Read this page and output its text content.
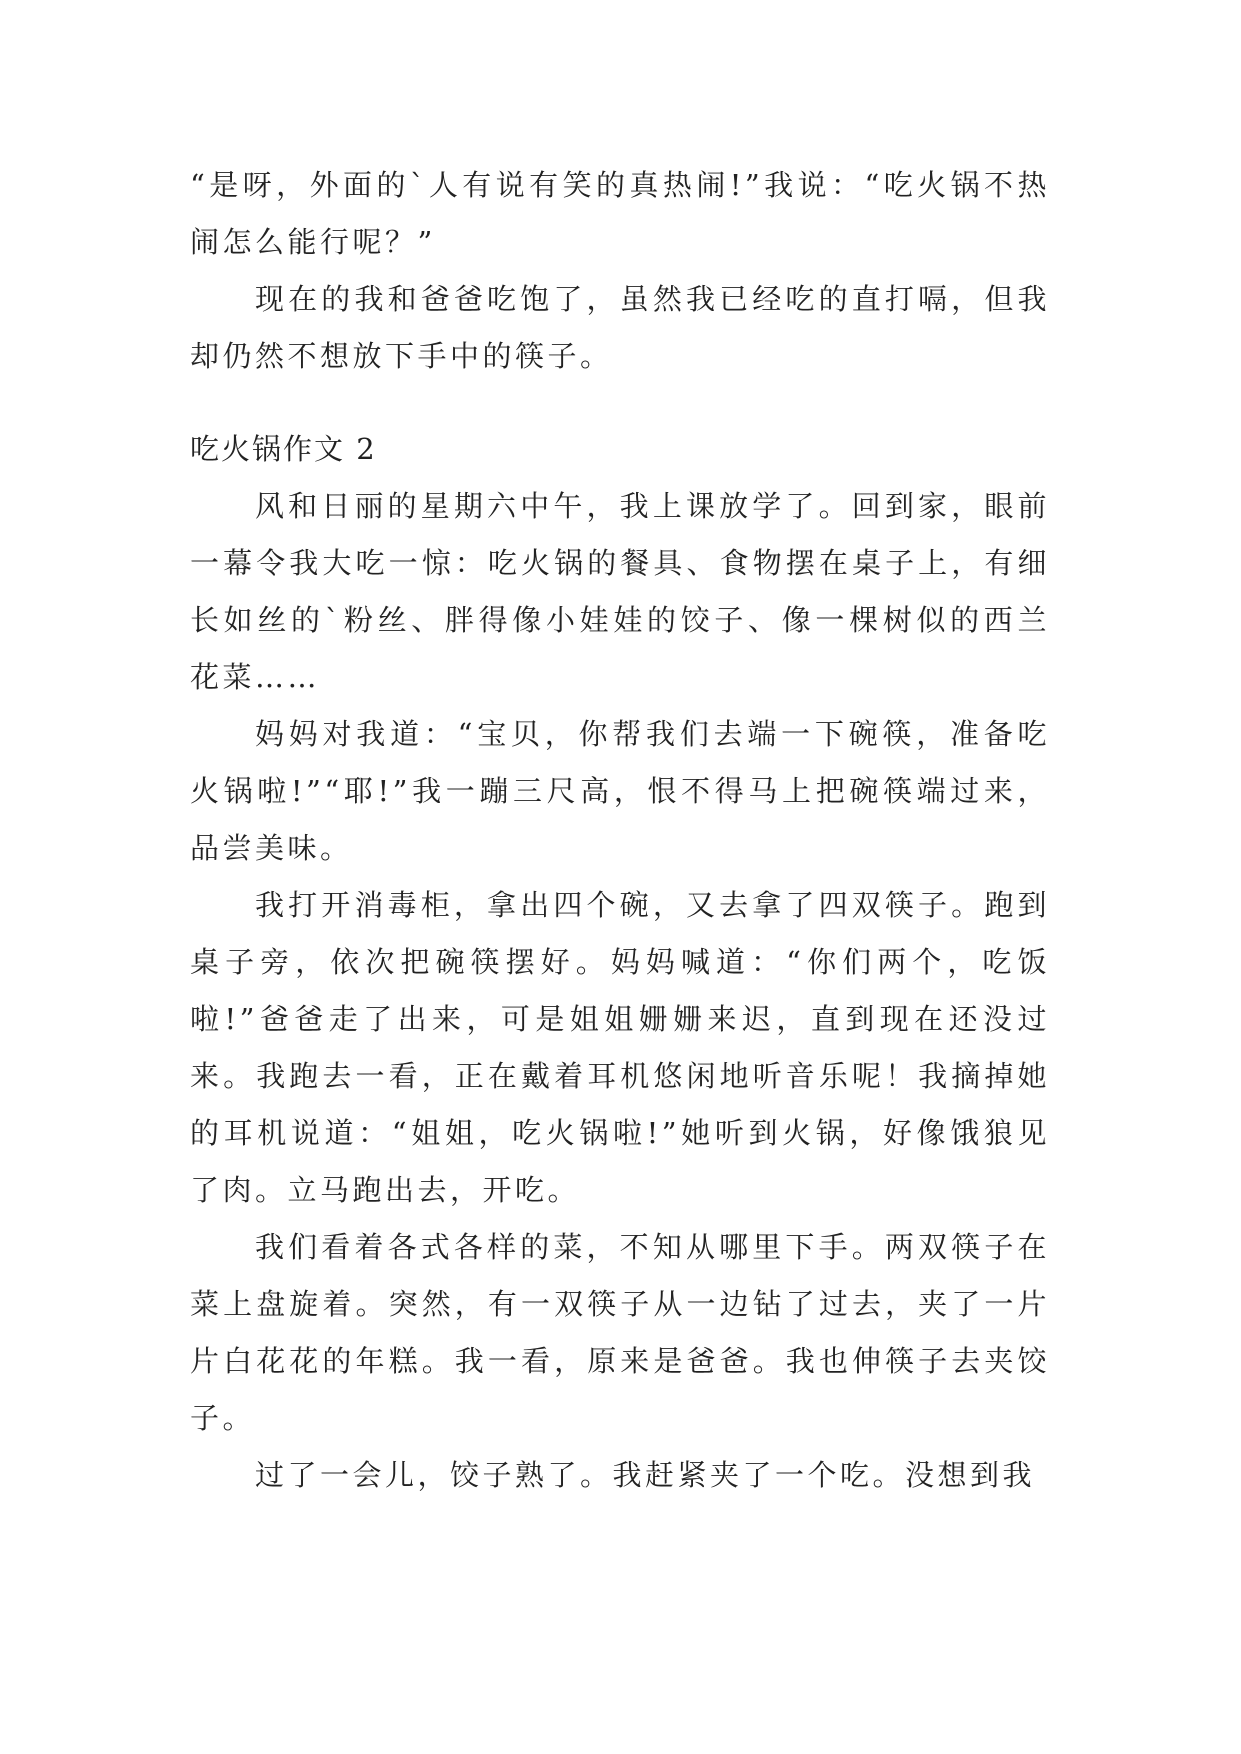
“是呀，外面的`人有说有笑的真热闹!”我说：“吃火锅不热闹怎么能行呢？”

现在的我和爸爸吃饱了，虽然我已经吃的直打嗝，但我却仍然不想放下手中的筷子。

吃火锅作文 2

风和日丽的星期六中午，我上课放学了。回到家，眼前一幕令我大吃一惊：吃火锅的餐具、食物摆在桌子上，有细长如丝的`粉丝、胖得像小娃娃的饺子、像一棵树似的西兰花菜……

妈妈对我道：“宝贝，你帮我们去端一下碗筷，准备吃火锅啦!”“耶!”我一蹦三尺高，恨不得马上把碗筷端过来，品尝美味。

我打开消毒柜，拿出四个碗，又去拿了四双筷子。跑到桌子旁，依次把碗筷摆好。妈妈喊道：“你们两个，吃饭啦!”爸爸走了出来，可是姐姐姗姗来迟，直到现在还没过来。我跑去一看，正在戴着耳机悠闲地听音乐呢！我摘掉她的耳机说道：“姐姐，吃火锅啦!”她听到火锅，好像饿狼见了肉。立马跑出去，开吃。

我们看着各式各样的菜，不知从哪里下手。两双筷子在菜上盘旋着。突然，有一双筷子从一边钻了过去，夹了一片片白花花的年糕。我一看，原来是爸爸。我也伸筷子去夹饺子。

过了一会儿，饺子熟了。我赶紧夹了一个吃。没想到我
